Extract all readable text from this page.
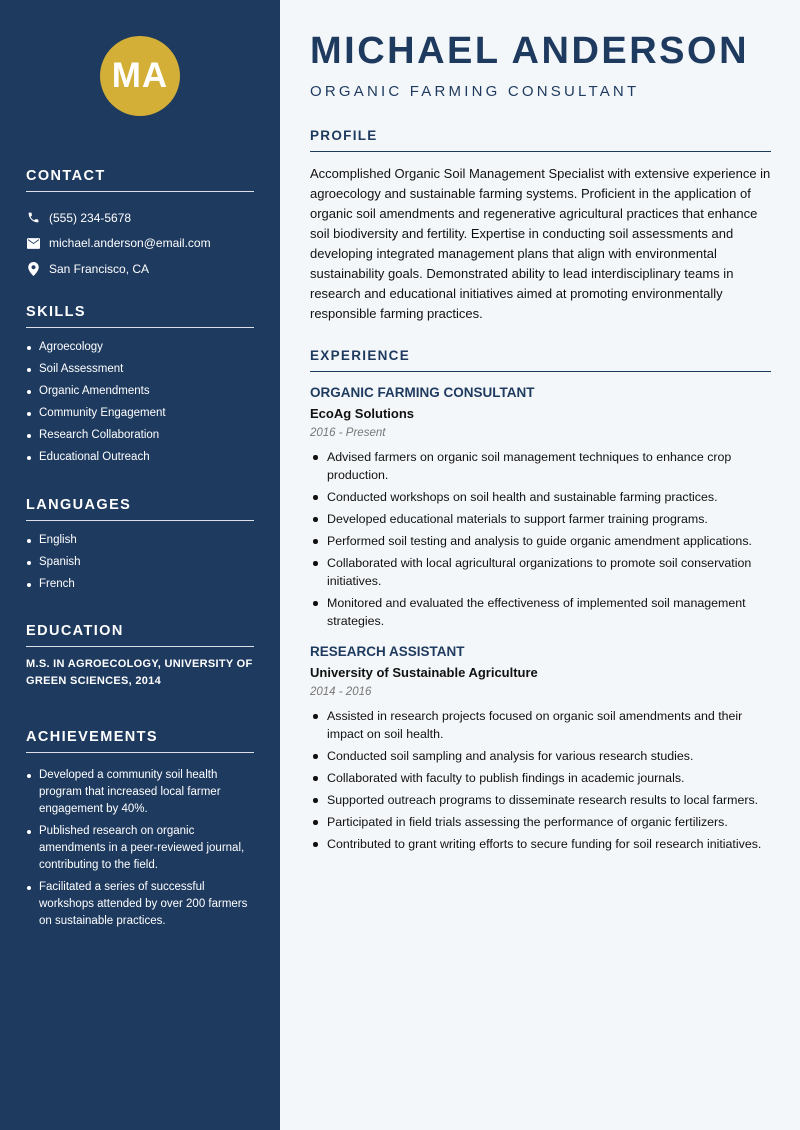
MA
CONTACT
(555) 234-5678
michael.anderson@email.com
San Francisco, CA
SKILLS
Agroecology
Soil Assessment
Organic Amendments
Community Engagement
Research Collaboration
Educational Outreach
LANGUAGES
English
Spanish
French
EDUCATION
M.S. IN AGROECOLOGY, UNIVERSITY OF GREEN SCIENCES, 2014
ACHIEVEMENTS
Developed a community soil health program that increased local farmer engagement by 40%.
Published research on organic amendments in a peer-reviewed journal, contributing to the field.
Facilitated a series of successful workshops attended by over 200 farmers on sustainable practices.
MICHAEL ANDERSON
ORGANIC FARMING CONSULTANT
PROFILE

Accomplished Organic Soil Management Specialist with extensive experience in agroecology and sustainable farming systems. Proficient in the application of organic soil amendments and regenerative agricultural practices that enhance soil biodiversity and fertility. Expertise in conducting soil assessments and developing integrated management plans that align with environmental sustainability goals. Demonstrated ability to lead interdisciplinary teams in research and educational initiatives aimed at promoting environmentally responsible farming practices.

EXPERIENCE
ORGANIC FARMING CONSULTANT
EcoAg Solutions
2016 - Present
Advised farmers on organic soil management techniques to enhance crop production.
Conducted workshops on soil health and sustainable farming practices.
Developed educational materials to support farmer training programs.
Performed soil testing and analysis to guide organic amendment applications.
Collaborated with local agricultural organizations to promote soil conservation initiatives.
Monitored and evaluated the effectiveness of implemented soil management strategies.
RESEARCH ASSISTANT
University of Sustainable Agriculture
2014 - 2016
Assisted in research projects focused on organic soil amendments and their impact on soil health.
Conducted soil sampling and analysis for various research studies.
Collaborated with faculty to publish findings in academic journals.
Supported outreach programs to disseminate research results to local farmers.
Participated in field trials assessing the performance of organic fertilizers.
Contributed to grant writing efforts to secure funding for soil research initiatives.
